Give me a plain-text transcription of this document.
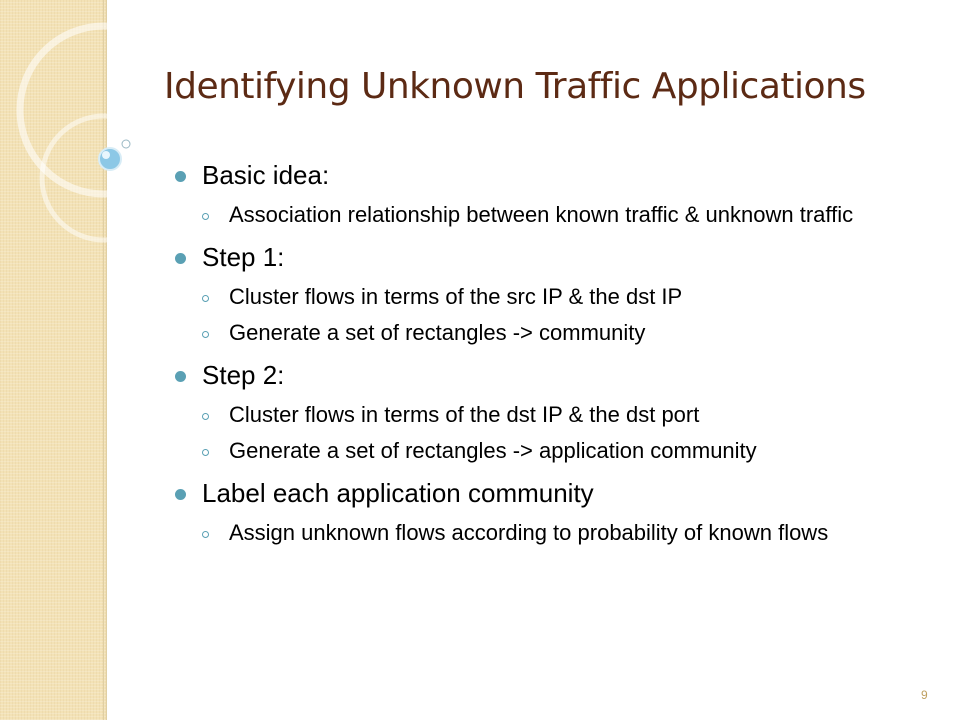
Identifying Unknown Traffic Applications
Basic idea:
Association relationship between known traffic & unknown traffic
Step 1:
Cluster flows in terms of the src IP & the dst IP
Generate a set of rectangles -> community
Step 2:
Cluster flows in terms of the dst IP & the dst port
Generate a set of rectangles -> application community
Label each application community
Assign unknown flows according to probability of known flows
9
